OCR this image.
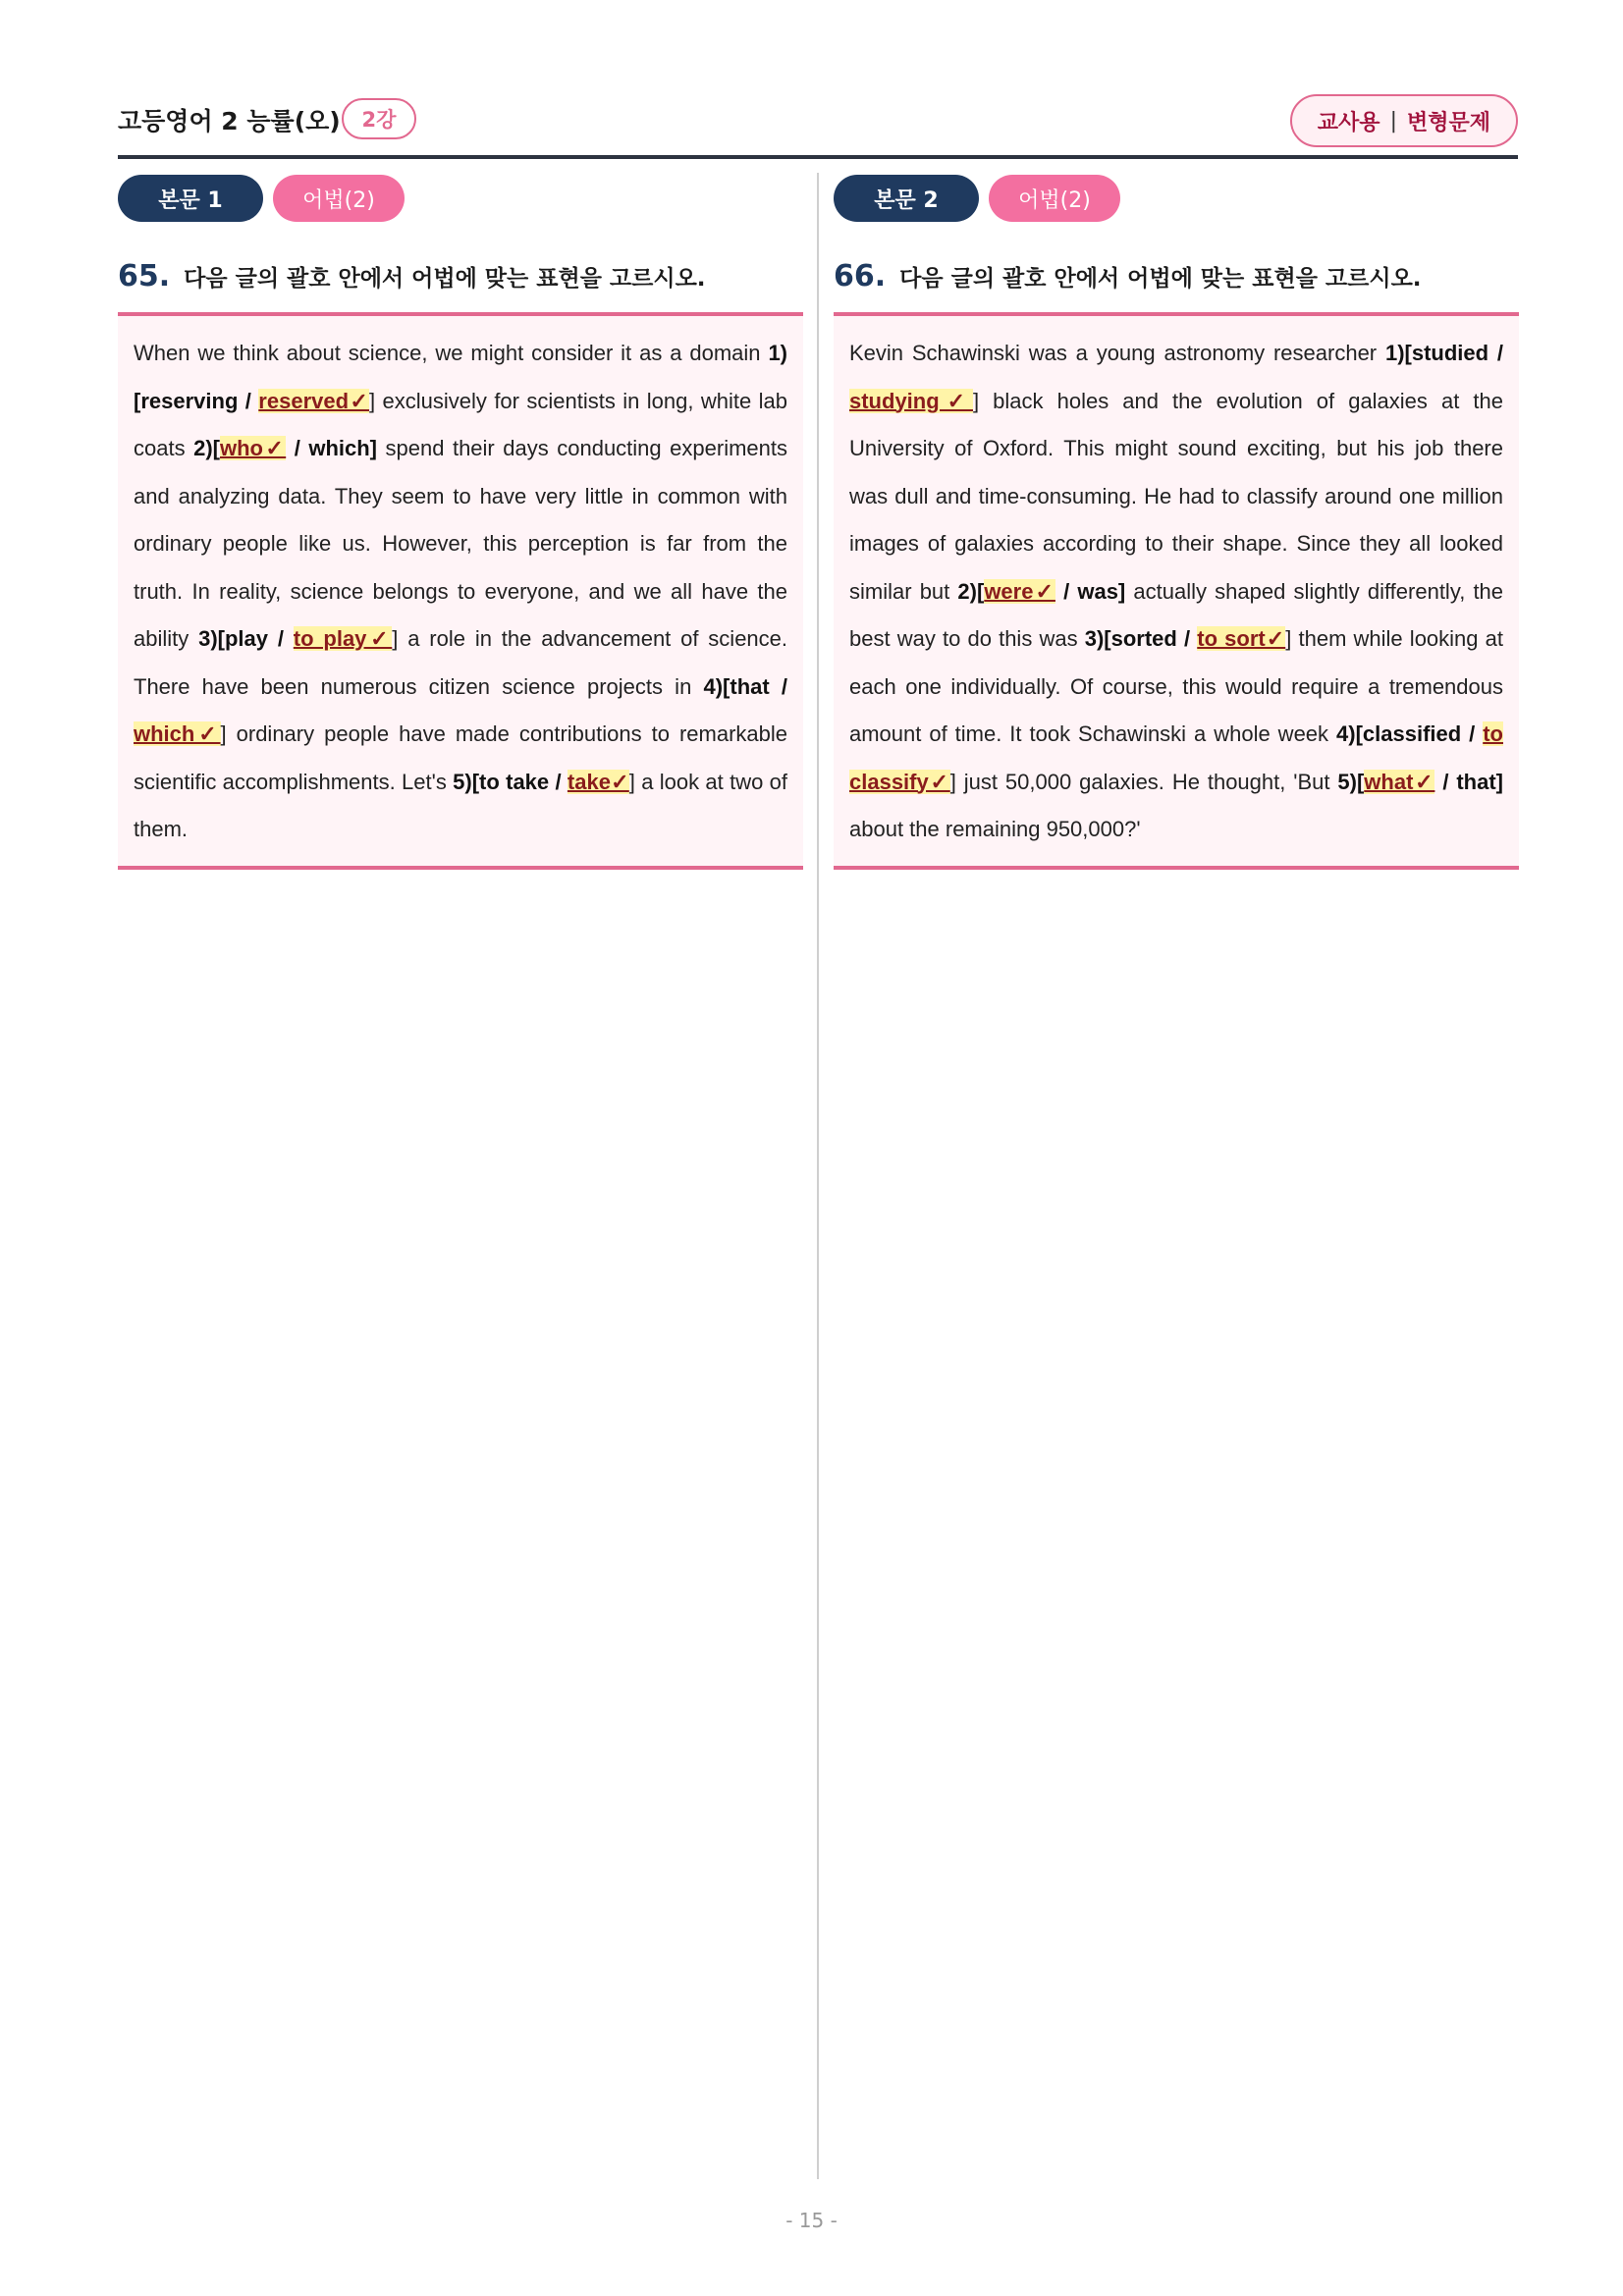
고등영어 2 능률(오)	2강	교사용 | 변형문제
본문 1	어법(2)
65. 다음 글의 괄호 안에서 어법에 맞는 표현을 고르시오.
When we think about science, we might consider it as a domain 1)[reserving / reserved✓] exclusively for scientists in long, white lab coats 2)[who✓ / which] spend their days conducting experiments and analyzing data. They seem to have very little in common with ordinary people like us. However, this perception is far from the truth. In reality, science belongs to everyone, and we all have the ability 3)[play / to play✓] a role in the advancement of science. There have been numerous citizen science projects in 4)[that / which✓] ordinary people have made contributions to remarkable scientific accomplishments. Let's 5)[to take / take✓] a look at two of them.
본문 2	어법(2)
66. 다음 글의 괄호 안에서 어법에 맞는 표현을 고르시오.
Kevin Schawinski was a young astronomy researcher 1)[studied / studying✓] black holes and the evolution of galaxies at the University of Oxford. This might sound exciting, but his job there was dull and time-consuming. He had to classify around one million images of galaxies according to their shape. Since they all looked similar but 2)[were✓ / was] actually shaped slightly differently, the best way to do this was 3)[sorted / to sort✓] them while looking at each one individually. Of course, this would require a tremendous amount of time. It took Schawinski a whole week 4)[classified / to classify✓] just 50,000 galaxies. He thought, 'But 5)[what✓ / that] about the remaining 950,000?'
- 15 -
